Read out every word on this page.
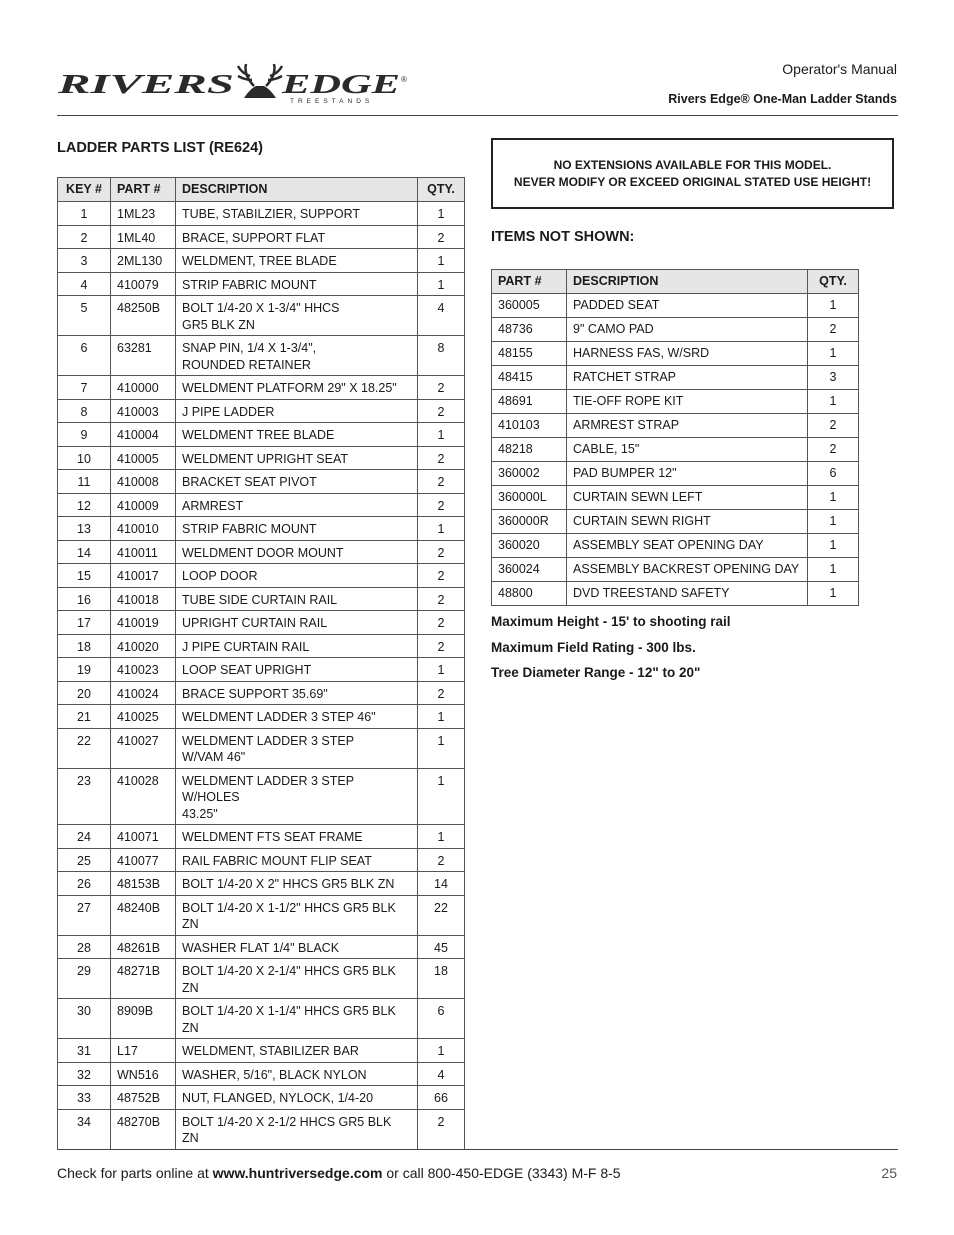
RIVERS EDGE ®
TREESTANDS
Operator's Manual
Rivers Edge® One-Man Ladder Stands
LADDER PARTS LIST (RE624)
KEY #	PART #	DESCRIPTION	QTY.
1	1ML23	TUBE, STABILZIER, SUPPORT	1
2	1ML40	BRACE, SUPPORT FLAT	2
3	2ML130	WELDMENT, TREE BLADE	1
4	410079	STRIP FABRIC MOUNT	1
5	48250B	BOLT 1/4-20 X 1-3/4" HHCS
GR5 BLK ZN	4
6	63281	SNAP PIN, 1/4 X 1-3/4",
ROUNDED RETAINER	8
7	410000	WELDMENT PLATFORM 29" X 18.25"	2
8	410003	J PIPE LADDER	2
9	410004	WELDMENT TREE BLADE	1
10	410005	WELDMENT UPRIGHT SEAT	2
11	410008	BRACKET SEAT PIVOT	2
12	410009	ARMREST	2
13	410010	STRIP FABRIC MOUNT	1
14	410011	WELDMENT DOOR MOUNT	2
15	410017	LOOP DOOR	2
16	410018	TUBE SIDE CURTAIN RAIL	2
17	410019	UPRIGHT CURTAIN RAIL	2
18	410020	J PIPE CURTAIN RAIL	2
19	410023	LOOP SEAT UPRIGHT	1
20	410024	BRACE SUPPORT 35.69"	2
21	410025	WELDMENT LADDER 3 STEP 46"	1
22	410027	WELDMENT LADDER 3 STEP
W/VAM 46"	1
23	410028	WELDMENT LADDER 3 STEP W/HOLES
43.25"	1
24	410071	WELDMENT FTS SEAT FRAME	1
25	410077	RAIL FABRIC MOUNT FLIP SEAT	2
26	48153B	BOLT 1/4-20 X 2" HHCS GR5 BLK ZN	14
27	48240B	BOLT 1/4-20 X 1-1/2" HHCS GR5 BLK ZN	22
28	48261B	WASHER FLAT 1/4" BLACK	45
29	48271B	BOLT 1/4-20 X 2-1/4" HHCS GR5 BLK ZN	18
30	8909B	BOLT 1/4-20 X 1-1/4" HHCS GR5 BLK ZN	6
31	L17	WELDMENT, STABILIZER BAR	1
32	WN516	WASHER, 5/16", BLACK NYLON	4
33	48752B	NUT, FLANGED, NYLOCK, 1/4-20	66
34	48270B	BOLT 1/4-20 X 2-1/2 HHCS GR5 BLK ZN	2
NO EXTENSIONS AVAILABLE FOR THIS MODEL.
NEVER MODIFY OR EXCEED ORIGINAL STATED USE HEIGHT!
ITEMS NOT SHOWN:
PART #	DESCRIPTION	QTY.
360005	PADDED SEAT	1
48736	9" CAMO PAD	2
48155	HARNESS FAS, W/SRD	1
48415	RATCHET STRAP	3
48691	TIE-OFF ROPE KIT	1
410103	ARMREST STRAP	2
48218	CABLE, 15"	2
360002	PAD BUMPER 12"	6
360000L	CURTAIN SEWN LEFT	1
360000R	CURTAIN SEWN RIGHT	1
360020	ASSEMBLY SEAT OPENING DAY	1
360024	ASSEMBLY BACKREST OPENING DAY	1
48800	DVD TREESTAND SAFETY	1
Maximum Height - 15' to shooting rail
Maximum Field Rating - 300 lbs.
Tree Diameter Range - 12" to 20"
Check for parts online at www.huntriversedge.com or call 800-450-EDGE (3343) M-F 8-5	25
